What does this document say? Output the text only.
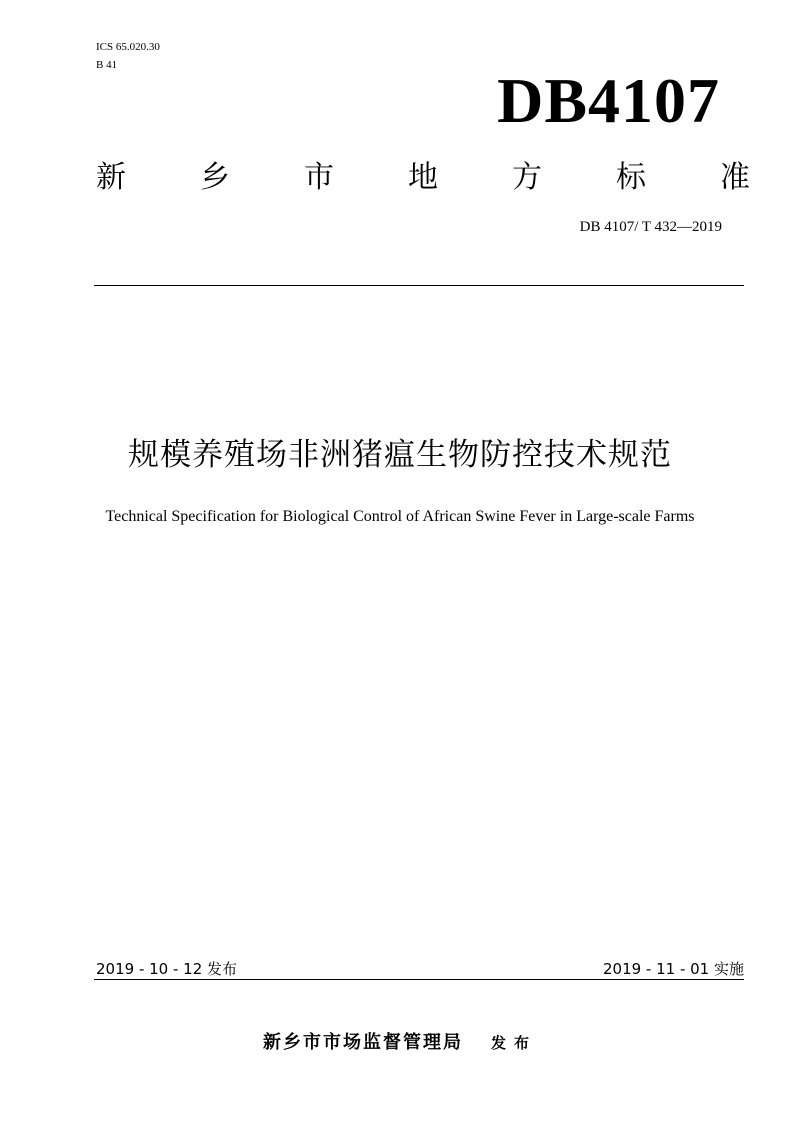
ICS 65.020.30
B 41	DB4107
新 乡 市 地 方 标 准
DB 4107/ T 432—2019
规模养殖场非洲猪瘟生物防控技术规范
Technical Specification for Biological Control of African Swine Fever in Large-scale Farms
2019 - 10 - 12 发布	2019 - 11 - 01 实施
新乡市市场监督管理局 发布
